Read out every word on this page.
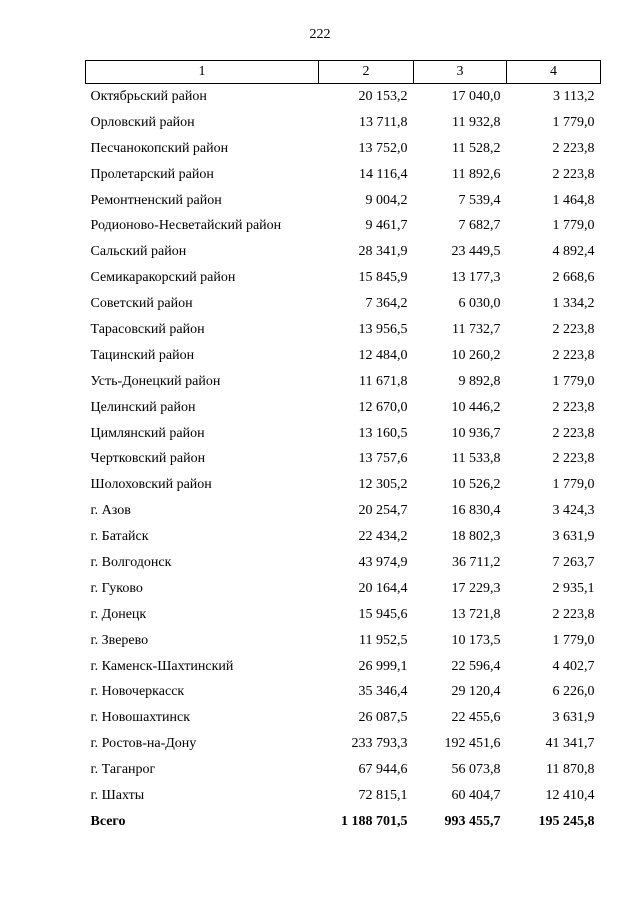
222
1	2	3	4
Октябрьский район	20 153,2	17 040,0	3 113,2
Орловский район	13 711,8	11 932,8	1 779,0
Песчанокопский район	13 752,0	11 528,2	2 223,8
Пролетарский район	14 116,4	11 892,6	2 223,8
Ремонтненский район	9 004,2	7 539,4	1 464,8
Родионово-Несветайский район	9 461,7	7 682,7	1 779,0
Сальский район	28 341,9	23 449,5	4 892,4
Семикаракорский район	15 845,9	13 177,3	2 668,6
Советский район	7 364,2	6 030,0	1 334,2
Тарасовский район	13 956,5	11 732,7	2 223,8
Тацинский район	12 484,0	10 260,2	2 223,8
Усть-Донецкий район	11 671,8	9 892,8	1 779,0
Целинский район	12 670,0	10 446,2	2 223,8
Цимлянский район	13 160,5	10 936,7	2 223,8
Чертковский район	13 757,6	11 533,8	2 223,8
Шолоховский район	12 305,2	10 526,2	1 779,0
г. Азов	20 254,7	16 830,4	3 424,3
г. Батайск	22 434,2	18 802,3	3 631,9
г. Волгодонск	43 974,9	36 711,2	7 263,7
г. Гуково	20 164,4	17 229,3	2 935,1
г. Донецк	15 945,6	13 721,8	2 223,8
г. Зверево	11 952,5	10 173,5	1 779,0
г. Каменск-Шахтинский	26 999,1	22 596,4	4 402,7
г. Новочеркасск	35 346,4	29 120,4	6 226,0
г. Новошахтинск	26 087,5	22 455,6	3 631,9
г. Ростов-на-Дону	233 793,3	192 451,6	41 341,7
г. Таганрог	67 944,6	56 073,8	11 870,8
г. Шахты	72 815,1	60 404,7	12 410,4
Всего	1 188 701,5	993 455,7	195 245,8
